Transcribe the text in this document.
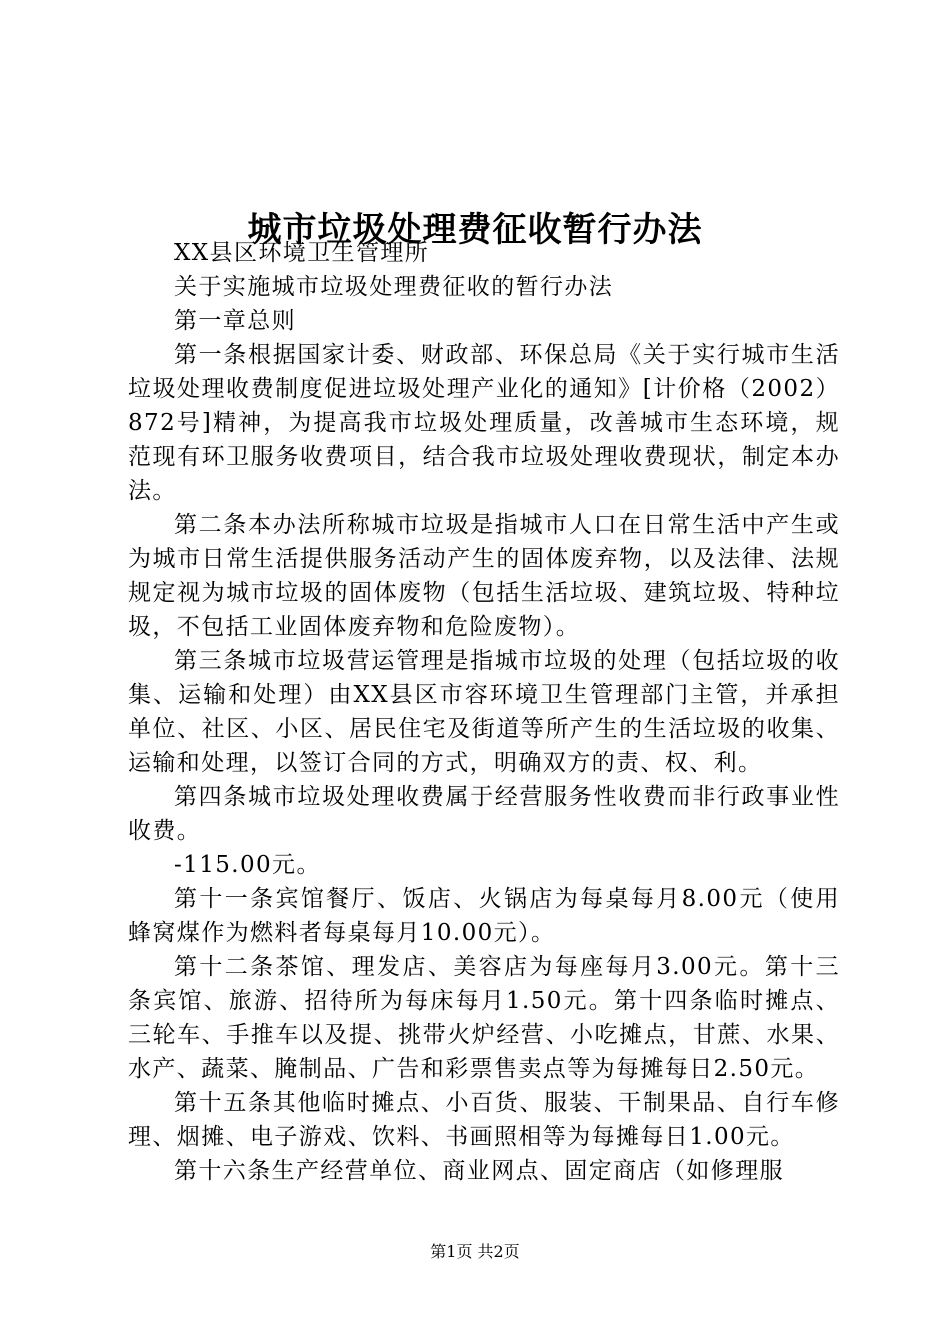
城市垃圾处理费征收暂行办法

XX县区环境卫生管理所

关于实施城市垃圾处理费征收的暂行办法

第一章总则

第一条根据国家计委、财政部、环保总局《关于实行城市生活垃圾处理收费制度促进垃圾处理产业化的通知》[计价格（2002）872号]精神，为提高我市垃圾处理质量，改善城市生态环境，规范现有环卫服务收费项目，结合我市垃圾处理收费现状，制定本办法。

第二条本办法所称城市垃圾是指城市人口在日常生活中产生或为城市日常生活提供服务活动产生的固体废弃物，以及法律、法规规定视为城市垃圾的固体废物（包括生活垃圾、建筑垃圾、特种垃圾，不包括工业固体废弃物和危险废物）。

第三条城市垃圾营运管理是指城市垃圾的处理（包括垃圾的收集、运输和处理）由XX县区市容环境卫生管理部门主管，并承担单位、社区、小区、居民住宅及街道等所产生的生活垃圾的收集、运输和处理，以签订合同的方式，明确双方的责、权、利。

第四条城市垃圾处理收费属于经营服务性收费而非行政事业性收费。

-115.00元。

第十一条宾馆餐厅、饭店、火锅店为每桌每月8.00元（使用蜂窝煤作为燃料者每桌每月10.00元）。

第十二条茶馆、理发店、美容店为每座每月3.00元。第十三条宾馆、旅游、招待所为每床每月1.50元。第十四条临时摊点、三轮车、手推车以及提、挑带火炉经营、小吃摊点，甘蔗、水果、水产、蔬菜、腌制品、广告和彩票售卖点等为每摊每日2.50元。

第十五条其他临时摊点、小百货、服装、干制果品、自行车修理、烟摊、电子游戏、饮料、书画照相等为每摊每日1.00元。

第十六条生产经营单位、商业网点、固定商店（如修理服

第1页 共2页
